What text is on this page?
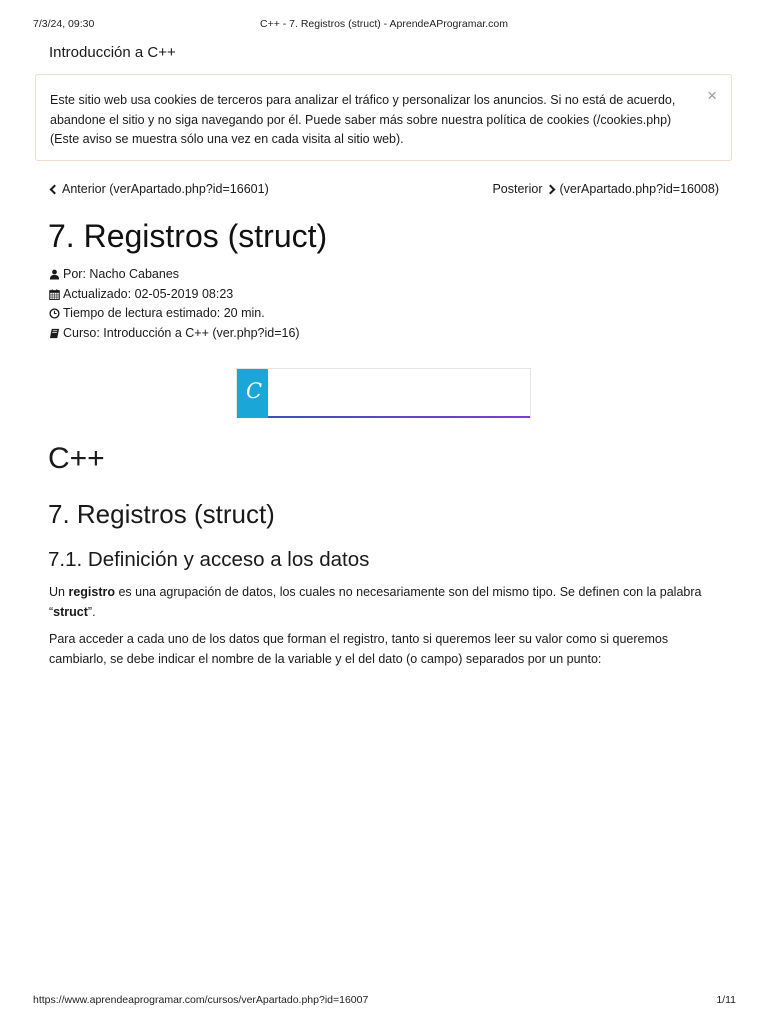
7/3/24, 09:30	C++ - 7. Registros (struct) - AprendeAProgramar.com
Introducción a C++
Este sitio web usa cookies de terceros para analizar el tráfico y personalizar los anuncios. Si no está de acuerdo, abandone el sitio y no siga navegando por él. Puede saber más sobre nuestra política de cookies (/cookies.php) (Este aviso se muestra sólo una vez en cada visita al sitio web).
×
Anterior (verApartado.php?id=16601)	Posterior (verApartado.php?id=16008)
7. Registros (struct)
Por: Nacho Cabanes
Actualizado: 02-05-2019 08:23
Tiempo de lectura estimado: 20 min.
Curso: Introducción a C++ (ver.php?id=16)
C
C++
7. Registros (struct)
7.1. Definición y acceso a los datos

Un registro es una agrupación de datos, los cuales no necesariamente son del mismo tipo. Se definen con la palabra “struct”.

Para acceder a cada uno de los datos que forman el registro, tanto si queremos leer su valor como si queremos cambiarlo, se debe indicar el nombre de la variable y el del dato (o campo) separados por un punto:

https://www.aprendeaprogramar.com/cursos/verApartado.php?id=16007	1/11
